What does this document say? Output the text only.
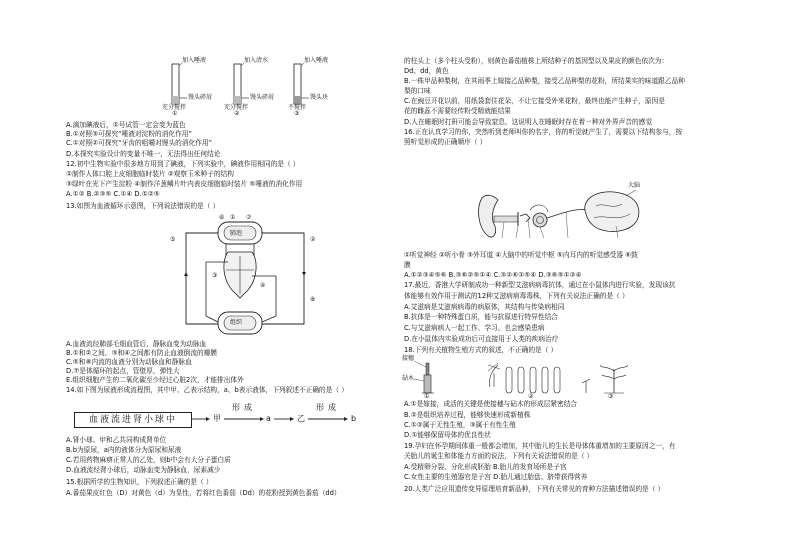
加入唾液	加入清水	加入唾液
馒头碎屑	馒头碎屑	馒头块
充分搅拌	充分搅拌	不搅拌
①	②	③
A.滴加碘液后，①号试管一定会变为蓝色
B.①对照③可探究“唾液对淀粉的消化作用”
C.①对照②可探究“牙齿的咀嚼对馒头的消化作用”
D.本探究实验设计的变量不唯一，无法得出任何结论
12.初中生物实验中很多地方用到了碘液，下列实验中，碘液作用相同的是（ ）
①制作人体口腔上皮细胞临时装片 ②观察玉米种子的结构
③绿叶在光下产生淀粉 ④制作洋葱鳞片叶内表皮细胞临时装片 ⑤唾液的消化作用
A.①② B.②③⑤ C.①④ D.①②⑤
13.如图为血液循环示意图，下列说法错误的是（ ）
⑥ ① ⑦
②
⑤
③
④
⑧
肺泡
组织
A.血液流经肺部毛细血管后，静脉血变为动脉血
B.①和②之间，③和④之间都有防止血液倒流的瓣膜
C.⑤和⑧内流的血液分别为动脉血和静脉血
D.⑦是体循环的起点，管壁厚，弹性大
E.组织细胞产生的二氧化碳至少经过心脏2次，才能排出体外
14.如下图为尿液形成流程图，其中甲、乙表示结构，a、b表示液体，下列叙述不正确的是（ ）
血液流进肾小球中	甲
形成
a	乙
形成
b
A.肾小球、甲和乙共同构成肾单位
B.b为原尿，a内的液体分为原尿和尿液
C.若用药物麻痹正常人的乙处，则b中会有大分子蛋白质
D.血液流经肾小球后，动脉血变为静脉血，尿素减少
15.根据所学的生物知识，下列叙述正确的是（ ）
A.番茄果皮红色（D）对黄色（d）为显性，若将红色番茄（Dd）的花粉授到黄色番茄（dd）
的柱头上（多个柱头受粉），则黄色番茄植株上所结种子的基因型以及果皮的颜色依次为：
Dd、dd，黄色
B.一株甲品种梨树，在其雨季上嫁接乙品种梨，接受乙品种梨的花粉，所结果实的味道跟乙品种
梨的口味
C.在豌豆开花以前，用纸袋套住花朵，不让它接受外来花粉，最终也能产生种子，原因是
花的雌蕊不需要经传粉受精就能结果
D.人在睡眠时打鼾可能会导致窒息，这说明人在睡眠时存在着一种对外界声音的感觉
16.正在认真学习的你，突然听到老师叫你的名字，你的听觉就产生了，需要以下结构参与，按
照听觉形成的正确顺序（ ）
大脑
①听觉神经 ②听小骨 ③外耳道 ④大脑中的听觉中枢 ⑤内耳内的听觉感受器 ⑥鼓
膜
A.①②③④⑤⑥ B.③⑥②⑤①④ C.③②⑥①⑤④ D.③⑥⑤①②④
17.最近，香港大学研制成功一种新型艾滋病病毒抗体，通过在小鼠体内进行实验，发现该抗
体能够有效作用于测试的12种艾滋病病毒毒株，下列有关说法正确的是（ ）
A.艾滋病是艾滋病病毒的病原体，其结构与传染病相同
B.抗体是一种特殊蛋白质，能与抗原进行特异性结合
C.与艾滋病病人一起工作、学习、也会感染患病
D.在小鼠体内实验成功后可直接用于人类的疾病治疗
18.下列有关植物生殖方式的叙述，不正确的是（ ）
接穗
砧木
①	②	③
A.①是嫁接，成活的关键是使接穗与砧木的形成层紧密结合
B.②是组织培养过程，能够快速形成新植株
C.①②属于无性生殖，③属于有性生殖
D.①能够保留母体的优良性状
19.孕妇在怀孕期间体重一般都会增加，其中胎儿的生长是母体体重增加的主要原因之一，有
关胎儿的诞生和体能力方面的说法，下列有关说法错误的是（ ）
A.受精卵分裂、分化形成胚胎 B.胎儿的发育场所是子宫
C.女性主要的生殖器官是子宫 D.胎儿通过胎盘、脐带获得营养
20.人类广泛应用遗传变异原理培育新品种，下列有关常见的育种方法描述错误的是（ ）
